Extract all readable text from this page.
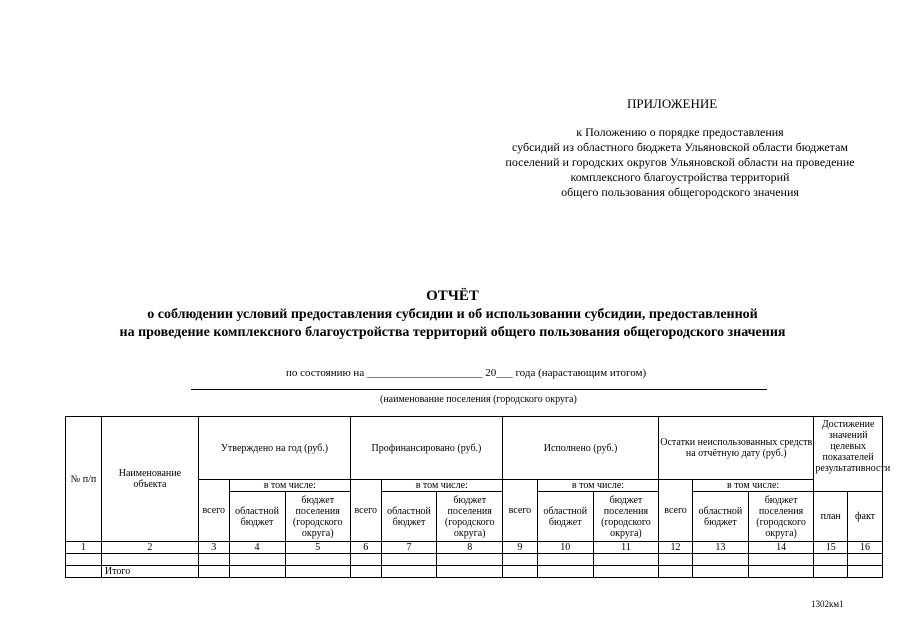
ПРИЛОЖЕНИЕ
к Положению о порядке предоставления
субсидий из областного бюджета Ульяновской области бюджетам
поселений и городских округов Ульяновской области на проведение
комплексного благоустройства территорий
общего пользования общегородского значения
ОТЧЁТ
о соблюдении условий предоставления субсидии и об использовании субсидии, предоставленной
на проведение комплексного благоустройства территорий общего пользования общегородского значения
по состоянию на _____________________ 20___ года (нарастающим итогом)
(наименование поселения (городского округа)
№ п/п	Наименование объекта	Утверждено на год (руб.)			Профинансировано (руб.)			Исполнено (руб.)			Остатки неиспользованных средств на отчётную дату (руб.)			Достижение значений целевых показателей результативности	
		всего	в том числе:		всего	в том числе:		всего	в том числе:		всего	в том числе:			
			областной бюджет	бюджет поселения (городского округа)		областной бюджет	бюджет поселения (городского округа)		областной бюджет	бюджет поселения (городского округа)		областной бюджет	бюджет поселения (городского округа)	план	факт
1	2	3	4	5	6	7	8	9	10	11	12	13	14	15	16

	Итого														
1302км1
